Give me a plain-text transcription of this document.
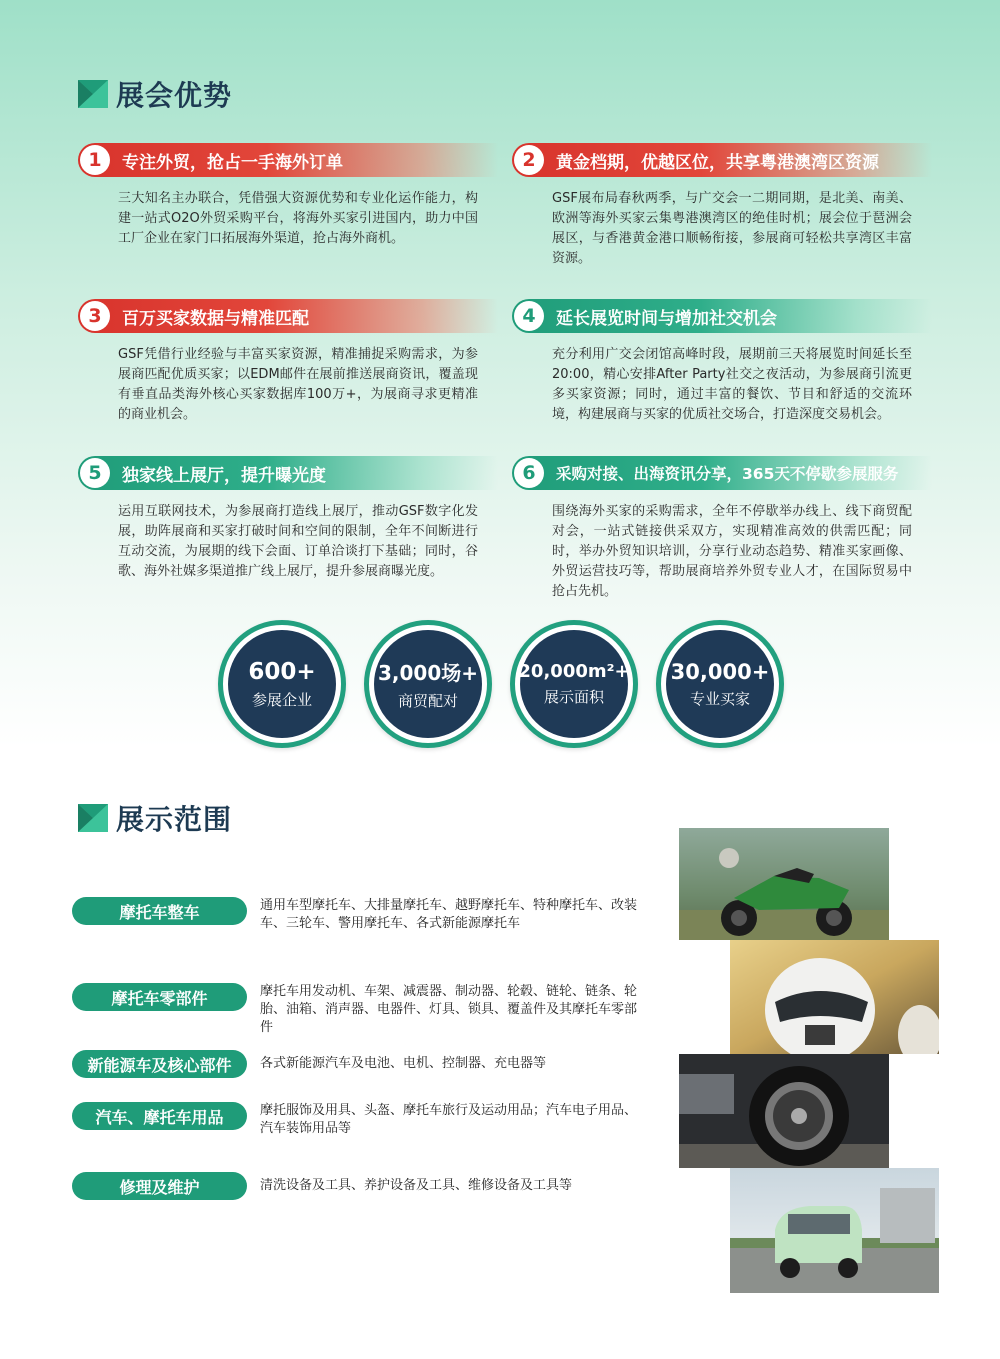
展会优势
1	专注外贸，抢占一手海外订单
三大知名主办联合，凭借强大资源优势和专业化运作能力，构建一站式O2O外贸采购平台，将海外买家引进国内，助力中国工厂企业在家门口拓展海外渠道，抢占海外商机。
2	黄金档期，优越区位，共享粤港澳湾区资源
GSF展布局春秋两季，与广交会一二期同期，是北美、南美、欧洲等海外买家云集粤港澳湾区的绝佳时机；展会位于琶洲会展区，与香港黄金港口顺畅衔接，参展商可轻松共享湾区丰富资源。
3	百万买家数据与精准匹配
GSF凭借行业经验与丰富买家资源，精准捕捉采购需求，为参展商匹配优质买家；以EDM邮件在展前推送展商资讯，覆盖现有垂直品类海外核心买家数据库100万+，为展商寻求更精准的商业机会。
4	延长展览时间与增加社交机会
充分利用广交会闭馆高峰时段，展期前三天将展览时间延长至20:00，精心安排After Party社交之夜活动，为参展商引流更多买家资源；同时，通过丰富的餐饮、节目和舒适的交流环境，构建展商与买家的优质社交场合，打造深度交易机会。
5	独家线上展厅，提升曝光度
运用互联网技术，为参展商打造线上展厅，推动GSF数字化发展，助阵展商和买家打破时间和空间的限制，全年不间断进行互动交流，为展期的线下会面、订单洽谈打下基础；同时，谷歌、海外社媒多渠道推广线上展厅，提升参展商曝光度。
6	采购对接、出海资讯分享，365天不停歇参展服务
围绕海外买家的采购需求，全年不停歇举办线上、线下商贸配对会，一站式链接供采双方，实现精准高效的供需匹配；同时，举办外贸知识培训，分享行业动态趋势、精准买家画像、外贸运营技巧等，帮助展商培养外贸专业人才，在国际贸易中抢占先机。
600+
参展企业
3,000场+
商贸配对
20,000m²+
展示面积
30,000+
专业买家
展示范围
摩托车整车	通用车型摩托车、大排量摩托车、越野摩托车、特种摩托车、改装车、三轮车、警用摩托车、各式新能源摩托车
摩托车零部件	摩托车用发动机、车架、减震器、制动器、轮毂、链轮、链条、轮胎、油箱、消声器、电器件、灯具、锁具、覆盖件及其摩托车零部件
新能源车及核心部件	各式新能源汽车及电池、电机、控制器、充电器等
汽车、摩托车用品	摩托服饰及用具、头盔、摩托车旅行及运动用品；汽车电子用品、汽车装饰用品等
修理及维护	清洗设备及工具、养护设备及工具、维修设备及工具等
